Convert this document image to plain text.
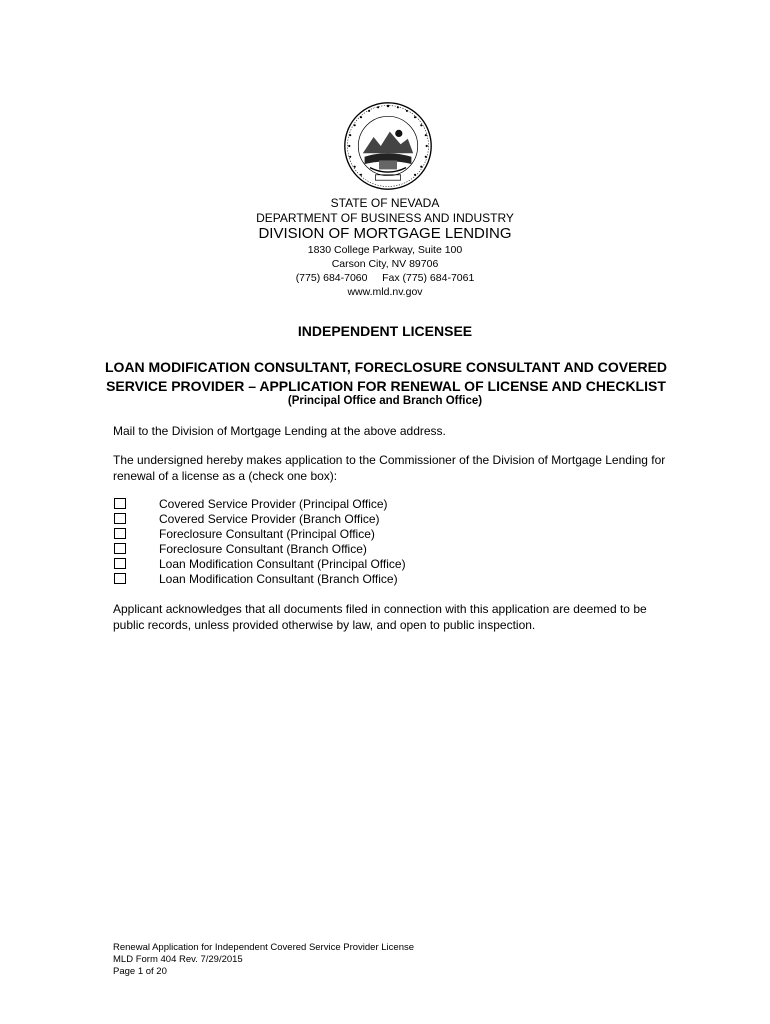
STATE OF NEVADA
DEPARTMENT OF BUSINESS AND INDUSTRY
DIVISION OF MORTGAGE LENDING
1830 College Parkway, Suite 100
Carson City, NV 89706
(775) 684-7060     Fax (775) 684-7061
www.mld.nv.gov
INDEPENDENT LICENSEE
LOAN MODIFICATION CONSULTANT, FORECLOSURE CONSULTANT AND COVERED SERVICE PROVIDER – APPLICATION FOR RENEWAL OF LICENSE AND CHECKLIST
(Principal Office and Branch Office)
Mail to the Division of Mortgage Lending at the above address.
The undersigned hereby makes application to the Commissioner of the Division of Mortgage Lending for renewal of a license as a (check one box):
Covered Service Provider (Principal Office)
Covered Service Provider (Branch Office)
Foreclosure Consultant (Principal Office)
Foreclosure Consultant (Branch Office)
Loan Modification Consultant (Principal Office)
Loan Modification Consultant (Branch Office)
Applicant acknowledges that all documents filed in connection with this application are deemed to be public records, unless provided otherwise by law, and open to public inspection.
Renewal Application for Independent Covered Service Provider License
MLD Form 404 Rev. 7/29/2015
Page 1 of 20
